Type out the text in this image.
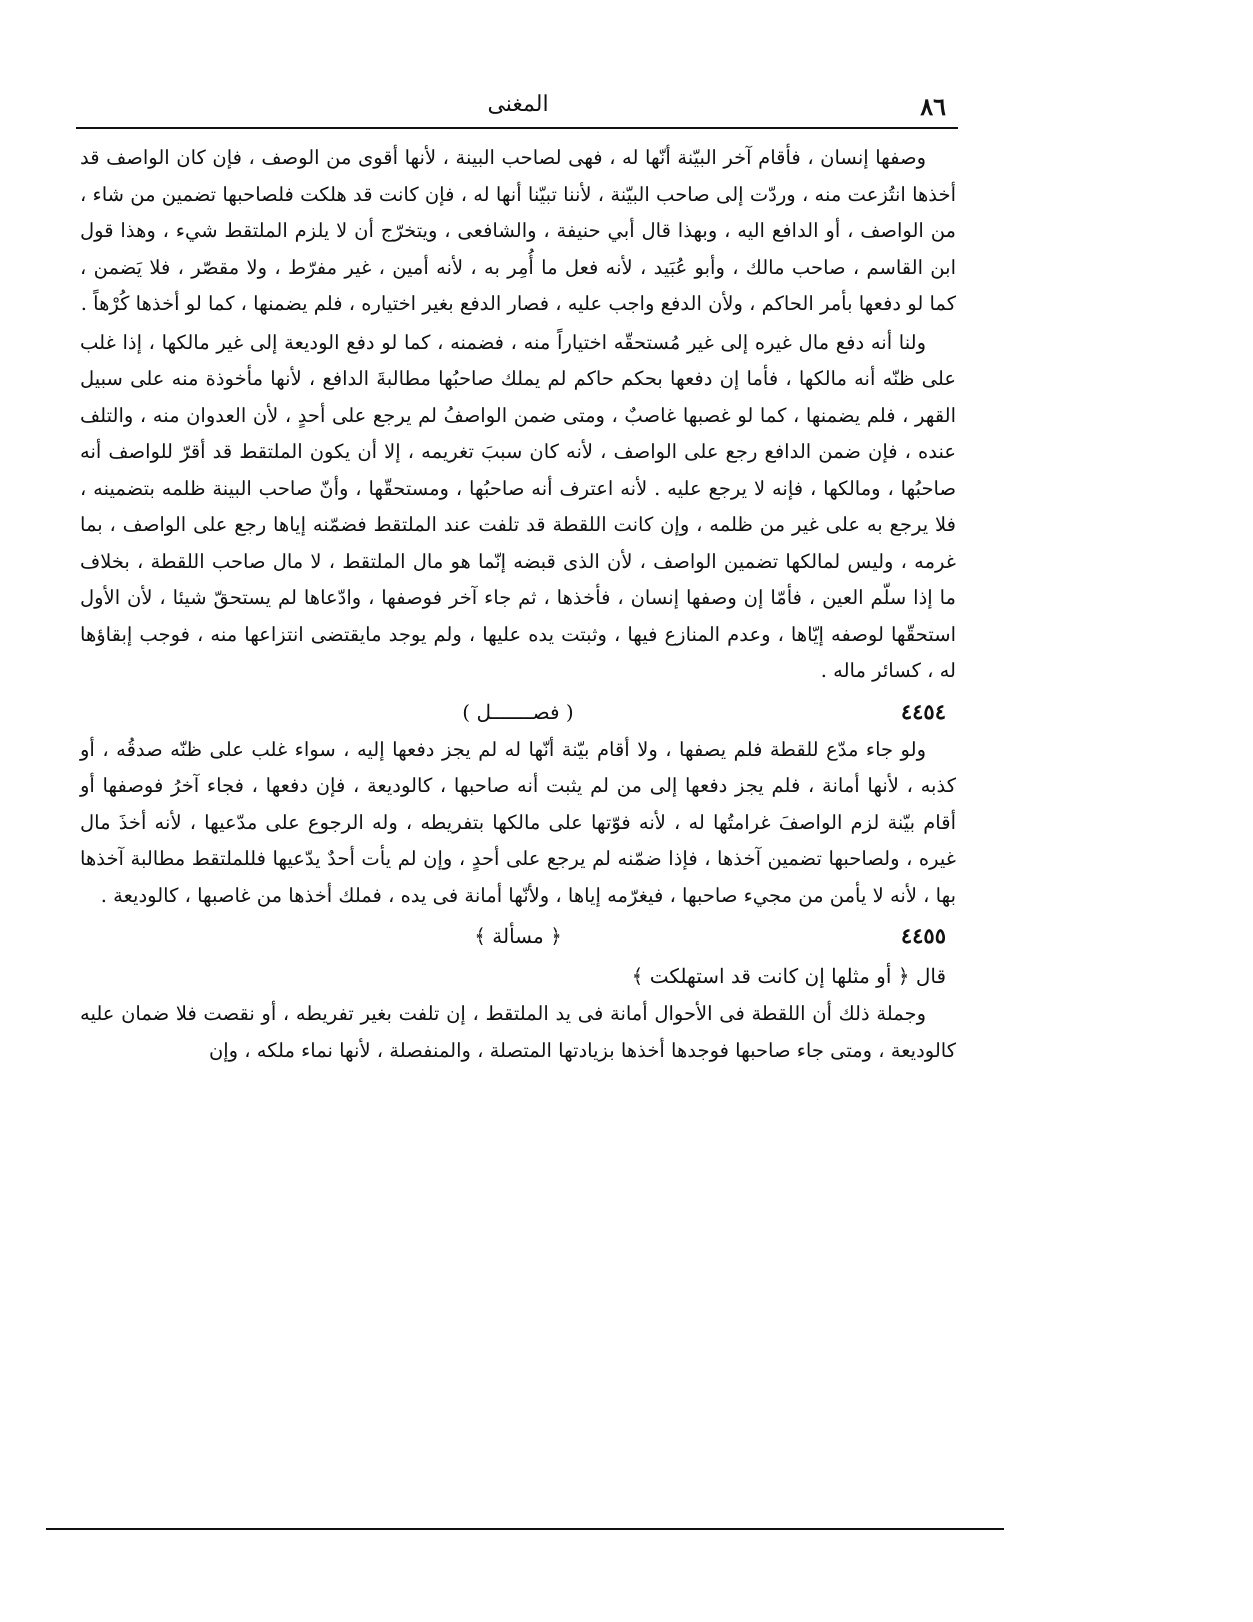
٨٦
المغنى

وصفها إنسان ، فأقام آخر البيّنة أنّها له ، فهى لصاحب البينة ، لأنها أقوى من الوصف ، فإن كان الواصف قد أخذها انتُزعت منه ، وردّت إلى صاحب البيّنة ، لأننا تبيّنا أنها له ، فإن كانت قد هلكت فلصاحبها تضمين من شاء ، من الواصف ، أو الدافع اليه ، وبهذا قال أبي حنيفة ، والشافعى ، ويتخرّج أن لا يلزم الملتقط شيء ، وهذا قول ابن القاسم ، صاحب مالك ، وأبو عُبَيد ، لأنه فعل ما أُمِر به ، لأنه أمين ، غير مفرّط ، ولا مقصّر ، فلا يَضمن ، كما لو دفعها بأمر الحاكم ، ولأن الدفع واجب عليه ، فصار الدفع بغير اختياره ، فلم يضمنها ، كما لو أخذها كُرْهاً .

ولنا أنه دفع مال غيره إلى غير مُستحقّه اختياراً منه ، فضمنه ، كما لو دفع الوديعة إلى غير مالكها ، إذا غلب على ظنّه أنه مالكها ، فأما إن دفعها بحكم حاكم لم يملك صاحبُها مطالبةَ الدافع ، لأنها مأخوذة منه على سبيل القهر ، فلم يضمنها ، كما لو غصبها غاصبٌ ، ومتى ضمن الواصفُ لم يرجع على أحدٍ ، لأن العدوان منه ، والتلف عنده ، فإن ضمن الدافع رجع على الواصف ، لأنه كان سببَ تغريمه ، إلا أن يكون الملتقط قد أقرّ للواصف أنه صاحبُها ، ومالكها ، فإنه لا يرجع عليه . لأنه اعترف أنه صاحبُها ، ومستحقّها ، وأنّ صاحب البينة ظلمه بتضمينه ، فلا يرجع به على غير من ظلمه ، وإن كانت اللقطة قد تلفت عند الملتقط فضمّنه إياها رجع على الواصف ، بما غرمه ، وليس لمالكها تضمين الواصف ، لأن الذى قبضه إنّما هو مال الملتقط ، لا مال صاحب اللقطة ، بخلاف ما إذا سلّم العين ، فأمّا إن وصفها إنسان ، فأخذها ، ثم جاء آخر فوصفها ، وادّعاها لم يستحقّ شيئا ، لأن الأول استحقّها لوصفه إيّاها ، وعدم المنازع فيها ، وثبتت يده عليها ، ولم يوجد مايقتضى انتزاعها منه ، فوجب إبقاؤها له ، كسائر ماله .

٤٤٥٤
( فصـــــــل )

ولو جاء مدّع للقطة فلم يصفها ، ولا أقام بيّنة أنّها له لم يجز دفعها إليه ، سواء غلب على ظنّه صدقُه ، أو كذبه ، لأنها أمانة ، فلم يجز دفعها إلى من لم يثبت أنه صاحبها ، كالوديعة ، فإن دفعها ، فجاء آخرُ فوصفها أو أقام بيّنة لزم الواصفَ غرامتُها له ، لأنه فوّتها على مالكها بتفريطه ، وله الرجوع على مدّعيها ، لأنه أخذَ مال غيره ، ولصاحبها تضمين آخذها ، فإذا ضمّنه لم يرجع على أحدٍ ، وإن لم يأت أحدٌ يدّعيها فللملتقط مطالبة آخذها بها ، لأنه لا يأمن من مجيء صاحبها ، فيغرّمه إياها ، ولأنّها أمانة فى يده ، فملك أخذها من غاصبها ، كالوديعة .

٤٤٥٥
﴿ مسألة ﴾

قال ﴿ أو مثلها إن كانت قد استهلكت ﴾

وجملة ذلك أن اللقطة فى الأحوال أمانة فى يد الملتقط ، إن تلفت بغير تفريطه ، أو نقصت فلا ضمان عليه كالوديعة ، ومتى جاء صاحبها فوجدها أخذها بزيادتها المتصلة ، والمنفصلة ، لأنها نماء ملكه ، وإن
